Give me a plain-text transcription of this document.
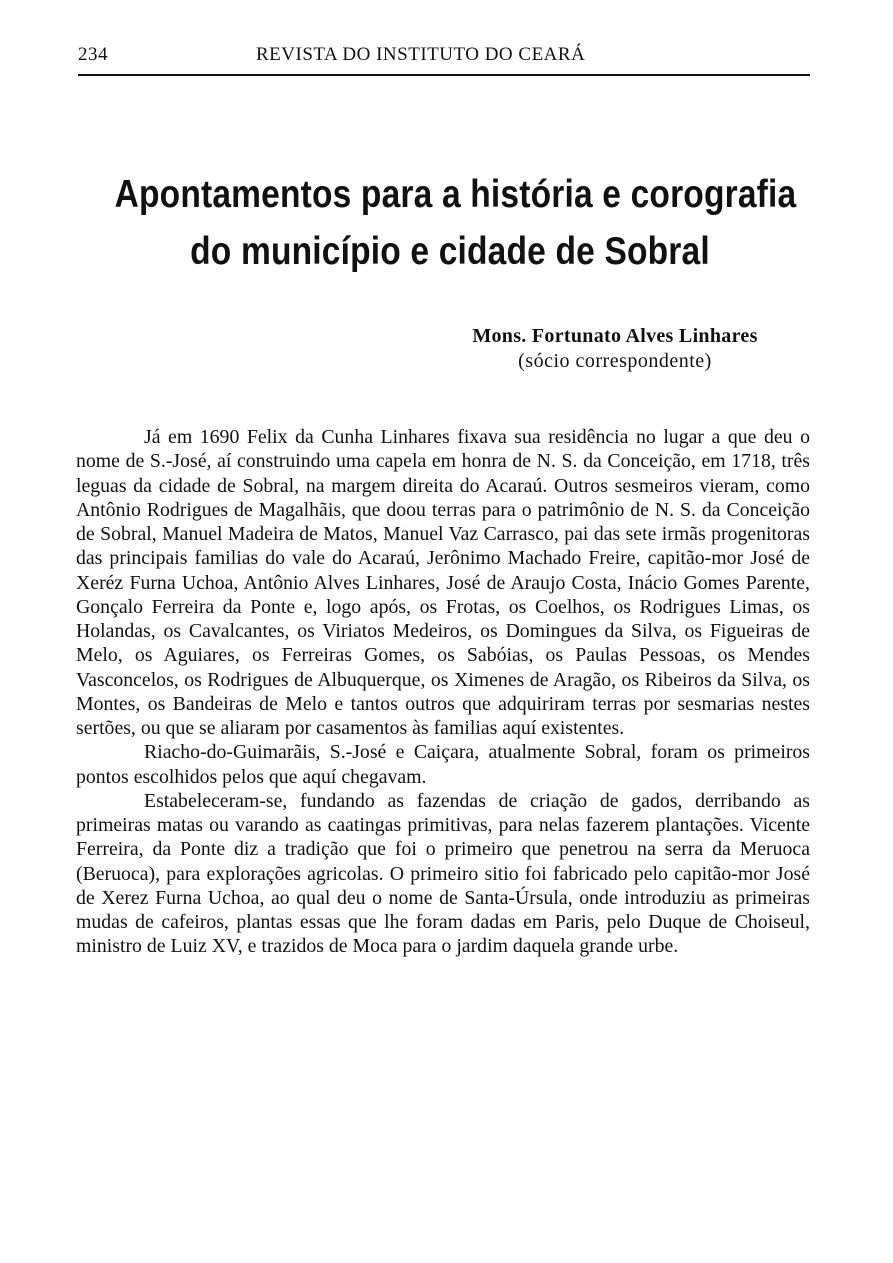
234	REVISTA DO INSTITUTO DO CEARÁ
Apontamentos para a história e corografia
do município e cidade de Sobral
Mons. Fortunato Alves Linhares
(sócio correspondente)

Já em 1690 Felix da Cunha Linhares fixava sua residência no lugar a que deu o nome de S.-José, aí construindo uma capela em honra de N. S. da Conceição, em 1718, três leguas da cidade de Sobral, na margem direita do Acaraú. Outros sesmeiros vieram, como Antônio Rodrigues de Magalhãis, que doou terras para o patrimônio de N. S. da Conceição de Sobral, Manuel Madeira de Matos, Manuel Vaz Carrasco, pai das sete irmãs progenitoras das principais familias do vale do Acaraú, Jerônimo Machado Freire, capitão-mor José de Xeréz Furna Uchoa, Antônio Alves Linhares, José de Araujo Costa, Inácio Gomes Parente, Gonçalo Ferreira da Ponte e, logo após, os Frotas, os Coelhos, os Rodrigues Limas, os Holandas, os Cavalcantes, os Viriatos Medeiros, os Domingues da Silva, os Figueiras de Melo, os Aguiares, os Ferreiras Gomes, os Sabóias, os Paulas Pessoas, os Mendes Vasconcelos, os Rodrigues de Albuquerque, os Ximenes de Aragão, os Ribeiros da Silva, os Montes, os Bandeiras de Melo e tantos outros que adquiriram terras por sesmarias nestes sertões, ou que se aliaram por casamentos às familias aquí existentes.

Riacho-do-Guimarãis, S.-José e Caiçara, atualmente Sobral, foram os primeiros pontos escolhidos pelos que aquí chegavam.

Estabeleceram-se, fundando as fazendas de criação de gados, derribando as primeiras matas ou varando as caatingas primitivas, para nelas fazerem plantações. Vicente Ferreira, da Ponte diz a tradição que foi o primeiro que penetrou na serra da Meruoca (Beruoca), para explorações agricolas. O primeiro sitio foi fabricado pelo capitão-mor José de Xerez Furna Uchoa, ao qual deu o nome de Santa-Úrsula, onde introduziu as primeiras mudas de cafeiros, plantas essas que lhe foram dadas em Paris, pelo Duque de Choiseul, ministro de Luiz XV, e trazidos de Moca para o jardim daquela grande urbe.
